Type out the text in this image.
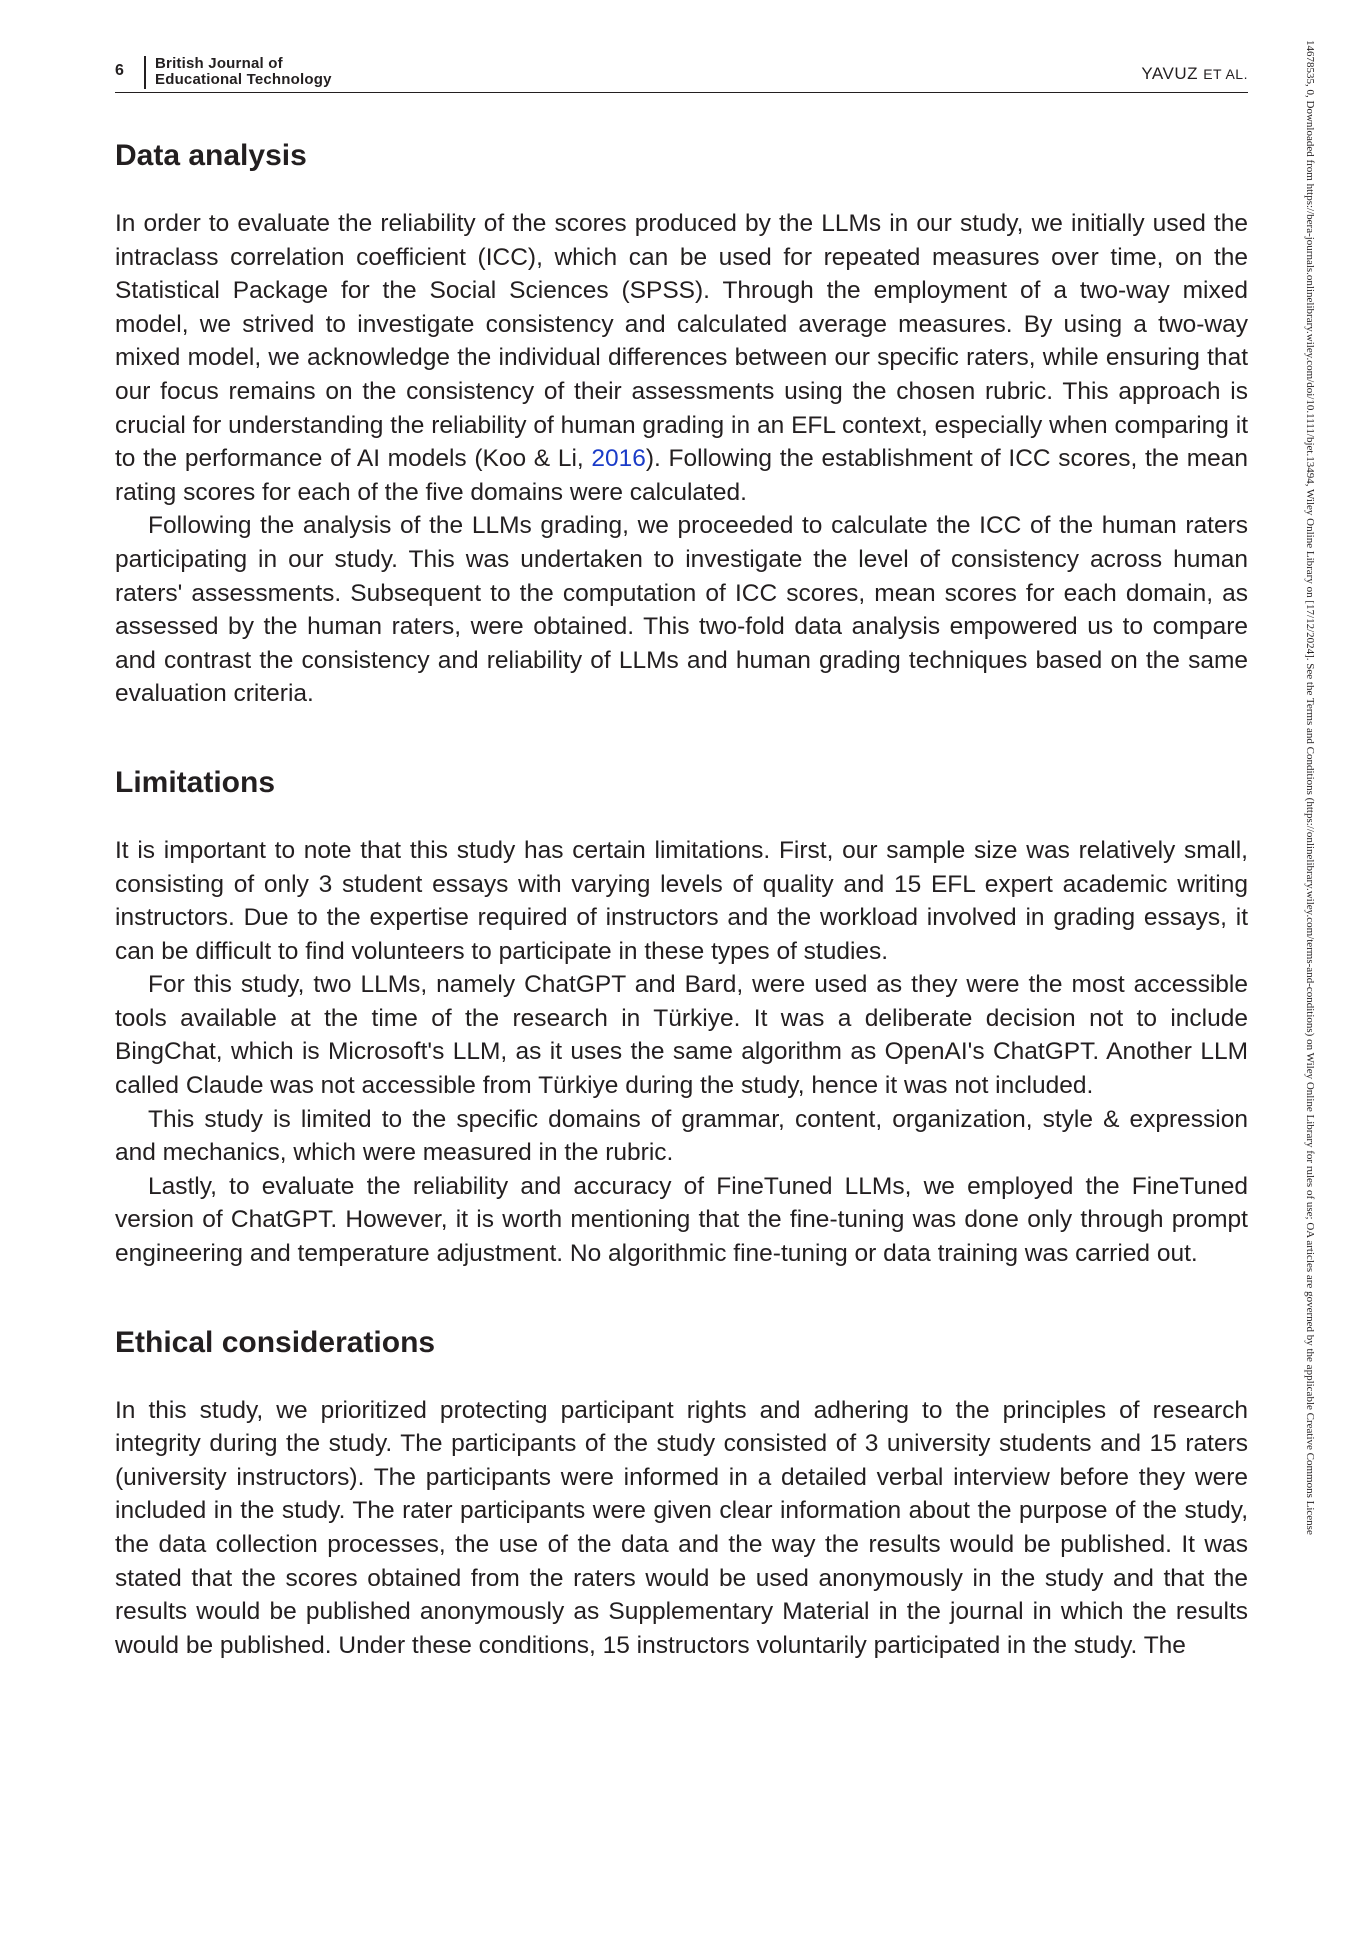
6	British Journal of
Educational Technology	YAVUZ ET AL.	14678535, 0, Downloaded from https://bera-journals.onlinelibrary.wiley.com/doi/10.1111/bjet.13494, Wiley Online Library on [17/12/2024]. See the Terms and Conditions (https://onlinelibrary.wiley.com/terms-and-conditions) on Wiley Online Library for rules of use; OA articles are governed by the applicable Creative Commons License
Data analysis

In order to evaluate the reliability of the scores produced by the LLMs in our study, we initially used the intraclass correlation coefficient (ICC), which can be used for repeated measures over time, on the Statistical Package for the Social Sciences (SPSS). Through the employment of a two-way mixed model, we strived to investigate consistency and calculated average measures. By using a two-way mixed model, we acknowledge the individual differences between our specific raters, while ensuring that our focus remains on the consistency of their assessments using the chosen rubric. This approach is crucial for understanding the reliability of human grading in an EFL context, especially when comparing it to the performance of AI models (Koo & Li, 2016). Following the establishment of ICC scores, the mean rating scores for each of the five domains were calculated.

Following the analysis of the LLMs grading, we proceeded to calculate the ICC of the human raters participating in our study. This was undertaken to investigate the level of consistency across human raters' assessments. Subsequent to the computation of ICC scores, mean scores for each domain, as assessed by the human raters, were obtained. This two-fold data analysis empowered us to compare and contrast the consistency and reliability of LLMs and human grading techniques based on the same evaluation criteria.

Limitations

It is important to note that this study has certain limitations. First, our sample size was relatively small, consisting of only 3 student essays with varying levels of quality and 15 EFL expert academic writing instructors. Due to the expertise required of instructors and the workload involved in grading essays, it can be difficult to find volunteers to participate in these types of studies.

For this study, two LLMs, namely ChatGPT and Bard, were used as they were the most accessible tools available at the time of the research in Türkiye. It was a deliberate decision not to include BingChat, which is Microsoft's LLM, as it uses the same algorithm as OpenAI's ChatGPT. Another LLM called Claude was not accessible from Türkiye during the study, hence it was not included.

This study is limited to the specific domains of grammar, content, organization, style & expression and mechanics, which were measured in the rubric.

Lastly, to evaluate the reliability and accuracy of FineTuned LLMs, we employed the FineTuned version of ChatGPT. However, it is worth mentioning that the fine-tuning was done only through prompt engineering and temperature adjustment. No algorithmic fine-tuning or data training was carried out.

Ethical considerations

In this study, we prioritized protecting participant rights and adhering to the principles of research integrity during the study. The participants of the study consisted of 3 university students and 15 raters (university instructors). The participants were informed in a detailed verbal interview before they were included in the study. The rater participants were given clear information about the purpose of the study, the data collection processes, the use of the data and the way the results would be published. It was stated that the scores obtained from the raters would be used anonymously in the study and that the results would be published anonymously as Supplementary Material in the journal in which the results would be published. Under these conditions, 15 instructors voluntarily participated in the study. The
